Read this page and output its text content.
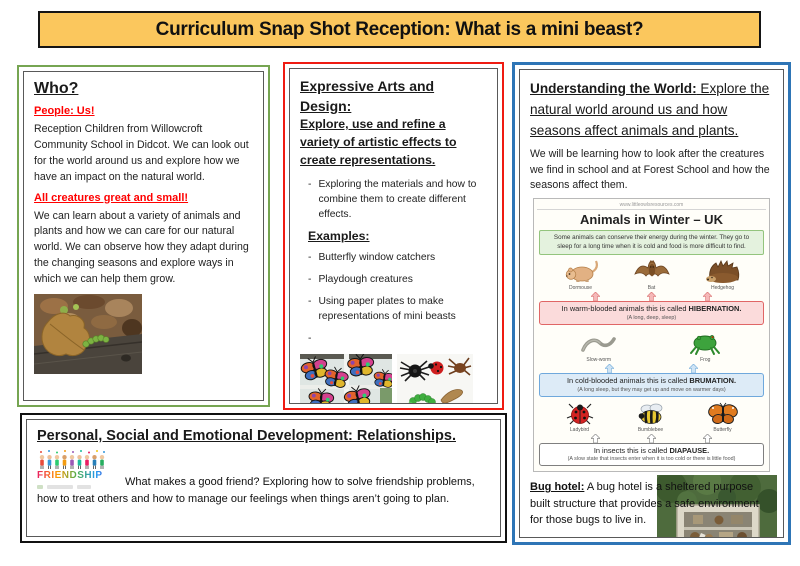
Curriculum Snap Shot Reception: What is a mini beast?
Who?
People: Us!
Reception Children from Willowcroft Community School in Didcot. We can look out for the world around us and explore how we have an impact on the natural world.
All creatures great and small!
We can learn about a variety of animals and plants and how we can care for our natural world. We can observe how they adapt during the changing seasons and explore ways in which we can help them grow.
Expressive Arts and Design:
Explore, use and refine a variety of artistic effects to create representations.
- Exploring the materials and how to combine them to create different effects.
Examples:
- Butterfly window catchers
- Playdough creatures
- Using paper plates to make representations of mini beasts
-
Understanding the World: Explore the natural world around us and how seasons affect animals and plants.
We will be learning how to look after the creatures we find in school and at Forest School and how the seasons affect them.
www.littleowlsresources.com
Animals in Winter – UK
Some animals can conserve their energy during the winter. They go to sleep for a long time when it is cold and food is more difficult to find.
Dormouse	Bat	Hedgehog
In warm-blooded animals this is called HIBERNATION.
(A long, deep, sleep)
Slow-worm	Frog
In cold-blooded animals this is called BRUMATION.
(A long sleep, but they may get up and move on warmer days)
Ladybird	Bumblebee	Butterfly
In insects this is called DIAPAUSE.
(A slow state that insects enter when it is too cold or there is little food)
Bug hotel: A bug hotel is a sheltered purpose built structure that provides a safe environment for those bugs to live in.
Personal, Social and Emotional Development: Relationships.
FRIENDSHIP
What makes a good friend? Exploring how to solve friendship problems, how to treat others and how to manage our feelings when things aren’t going to plan.
